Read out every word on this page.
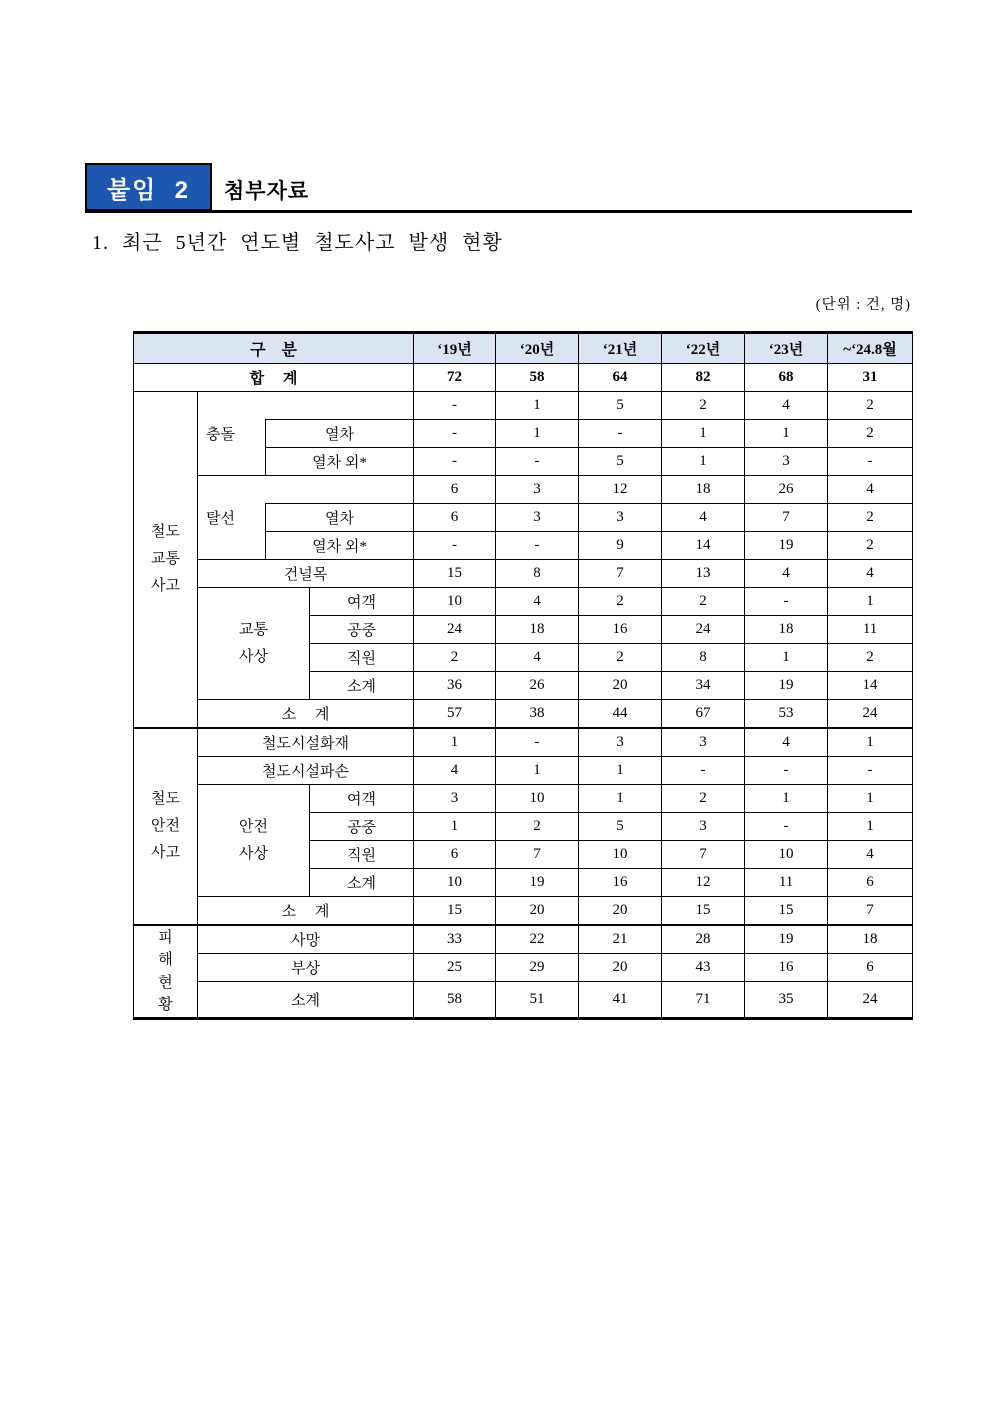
붙임  2 첨부자료
1. 최근 5년간 연도별 철도사고 발생 현황
(단위 : 건, 명)
구    분				‘19년	‘20년	‘21년	‘22년	‘23년	~‘24.8월
합     계				72	58	64	82	68	31
철도
교통
사고	충돌			-	1	5	2	4	2
		열차		-	1	-	1	1	2
		열차 외*		-	-	5	1	3	-
	탈선			6	3	12	18	26	4
		열차		6	3	3	4	7	2
		열차 외*		-	-	9	14	19	2
	건널목			15	8	7	13	4	4
	교통
사상		여객	10	4	2	2	-	1
			공중	24	18	16	24	18	11
			직원	2	4	2	8	1	2
			소계	36	26	20	34	19	14
	소     계			57	38	44	67	53	24
철도
안전
사고	철도시설화재			1	-	3	3	4	1
	철도시설파손			4	1	1	-	-	-
	안전
사상		여객	3	10	1	2	1	1
			공중	1	2	5	3	-	1
			직원	6	7	10	7	10	4
			소계	10	19	16	12	11	6
	소     계			15	20	20	15	15	7
피
해
현
황	사망			33	22	21	28	19	18
	부상			25	29	20	43	16	6
	소계			58	51	41	71	35	24
